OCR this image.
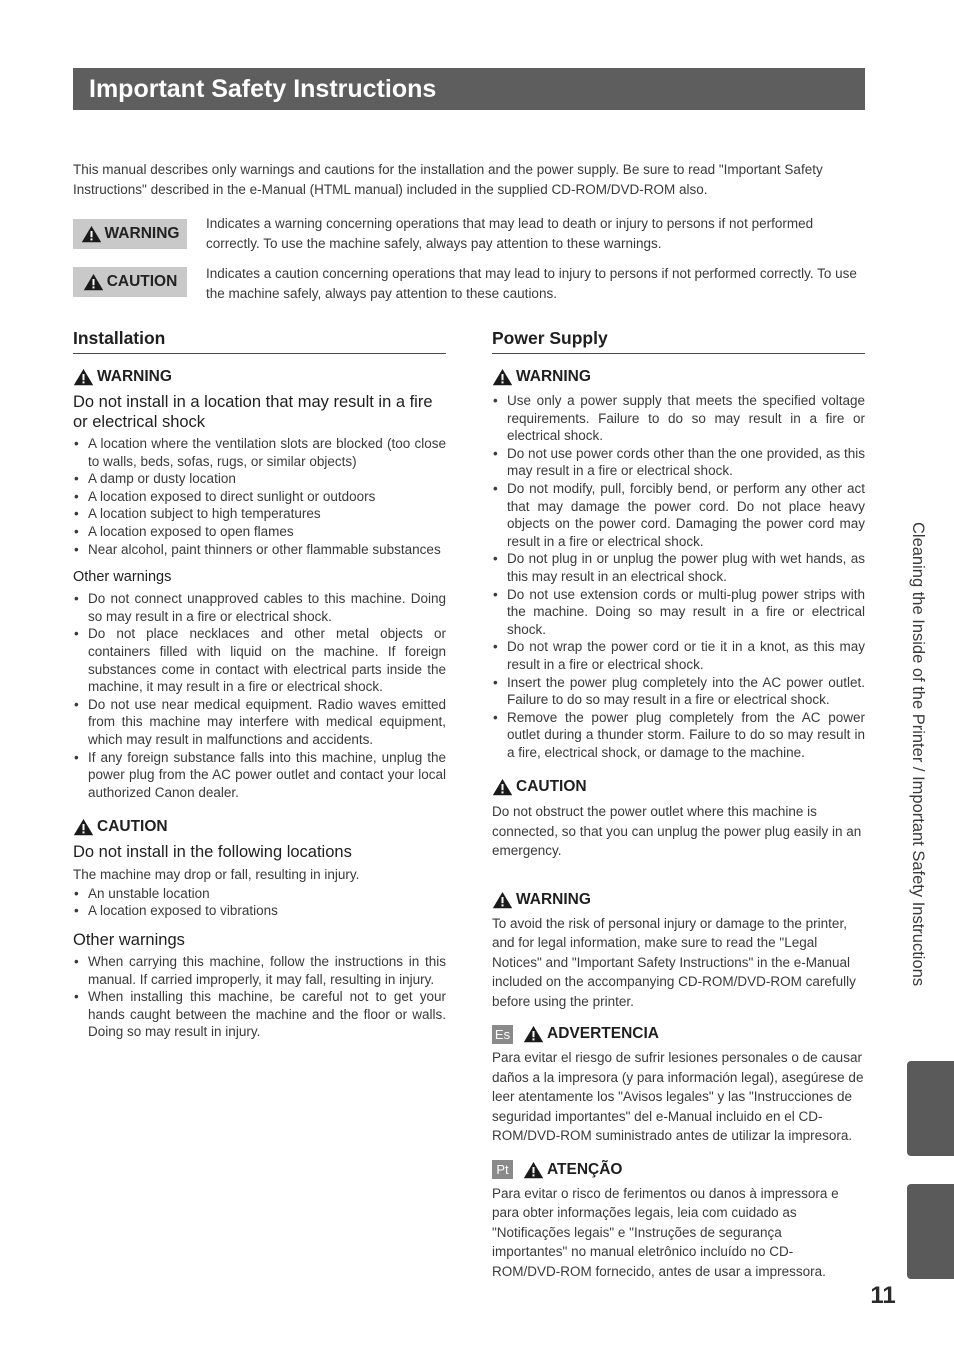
Important Safety Instructions
This manual describes only warnings and cautions for the installation and the power supply. Be sure to read "Important Safety Instructions" described in the e-Manual (HTML manual) included in the supplied CD-ROM/DVD-ROM also.
WARNING
Indicates a warning concerning operations that may lead to death or injury to persons if not performed correctly. To use the machine safely, always pay attention to these warnings.
CAUTION Indicates a caution concerning operations that may lead to injury to persons if not performed correctly. To use the machine safely, always pay attention to these cautions.
Installation
WARNING
Do not install in a location that may result in a fire or electrical shock
• A location where the ventilation slots are blocked (too close to walls, beds, sofas, rugs, or similar objects)
• A damp or dusty location
• A location exposed to direct sunlight or outdoors
• A location subject to high temperatures
• A location exposed to open flames
• Near alcohol, paint thinners or other flammable substances
Other warnings
• Do not connect unapproved cables to this machine. Doing so may result in a fire or electrical shock.
• Do not place necklaces and other metal objects or containers filled with liquid on the machine. If foreign substances come in contact with electrical parts inside the machine, it may result in a fire or electrical shock.
• Do not use near medical equipment. Radio waves emitted from this machine may interfere with medical equipment, which may result in malfunctions and accidents.
• If any foreign substance falls into this machine, unplug the power plug from the AC power outlet and contact your local authorized Canon dealer.
CAUTION
Do not install in the following locations
The machine may drop or fall, resulting in injury.
• An unstable location
• A location exposed to vibrations
Other warnings
• When carrying this machine, follow the instructions in this manual. If carried improperly, it may fall, resulting in injury.
• When installing this machine, be careful not to get your hands caught between the machine and the floor or walls. Doing so may result in injury.
Power Supply
WARNING
• Use only a power supply that meets the specified voltage requirements. Failure to do so may result in a fire or electrical shock.
• Do not use power cords other than the one provided, as this may result in a fire or electrical shock.
• Do not modify, pull, forcibly bend, or perform any other act that may damage the power cord. Do not place heavy objects on the power cord. Damaging the power cord may result in a fire or electrical shock.
• Do not plug in or unplug the power plug with wet hands, as this may result in an electrical shock.
• Do not use extension cords or multi-plug power strips with the machine. Doing so may result in a fire or electrical shock.
• Do not wrap the power cord or tie it in a knot, as this may result in a fire or electrical shock.
• Insert the power plug completely into the AC power outlet. Failure to do so may result in a fire or electrical shock.
• Remove the power plug completely from the AC power outlet during a thunder storm. Failure to do so may result in a fire, electrical shock, or damage to the machine.
CAUTION
Do not obstruct the power outlet where this machine is connected, so that you can unplug the power plug easily in an emergency.
WARNING
To avoid the risk of personal injury or damage to the printer, and for legal information, make sure to read the "Legal Notices" and "Important Safety Instructions" in the e-Manual included on the accompanying CD-ROM/DVD-ROM carefully before using the printer.
Es ADVERTENCIA
Para evitar el riesgo de sufrir lesiones personales o de causar daños a la impresora (y para información legal), asegúrese de leer atentamente los "Avisos legales" y las "Instrucciones de seguridad importantes" del e-Manual incluido en el CD-ROM/DVD-ROM suministrado antes de utilizar la impresora.
Pt ATENÇÃO
Para evitar o risco de ferimentos ou danos à impressora e para obter informações legais, leia com cuidado as "Notificações legais" e "Instruções de segurança importantes" no manual eletrônico incluído no CD-ROM/DVD-ROM fornecido, antes de usar a impressora.
Cleaning the Inside of the Printer / Important Safety Instructions
11
